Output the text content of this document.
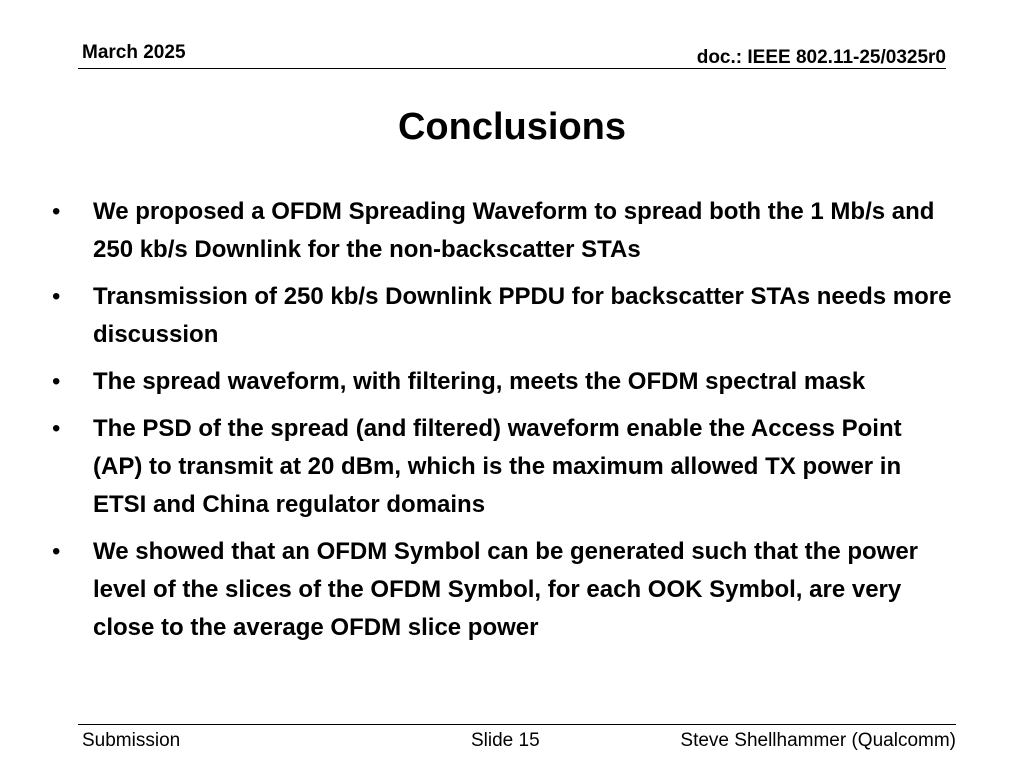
March 2025	doc.: IEEE 802.11-25/0325r0
Conclusions
• We proposed a OFDM Spreading Waveform to spread both the 1 Mb/s and 250 kb/s Downlink for the non-backscatter STAs
• Transmission of 250 kb/s Downlink PPDU for backscatter STAs needs more discussion
• The spread waveform, with filtering, meets the OFDM spectral mask
• The PSD of the spread (and filtered) waveform enable the Access Point (AP) to transmit at 20 dBm, which is the maximum allowed TX power in ETSI and China regulator domains
• We showed that an OFDM Symbol can be generated such that the power level of the slices of the OFDM Symbol, for each OOK Symbol, are very close to the average OFDM slice power
Submission	Slide 15	Steve Shellhammer (Qualcomm)
